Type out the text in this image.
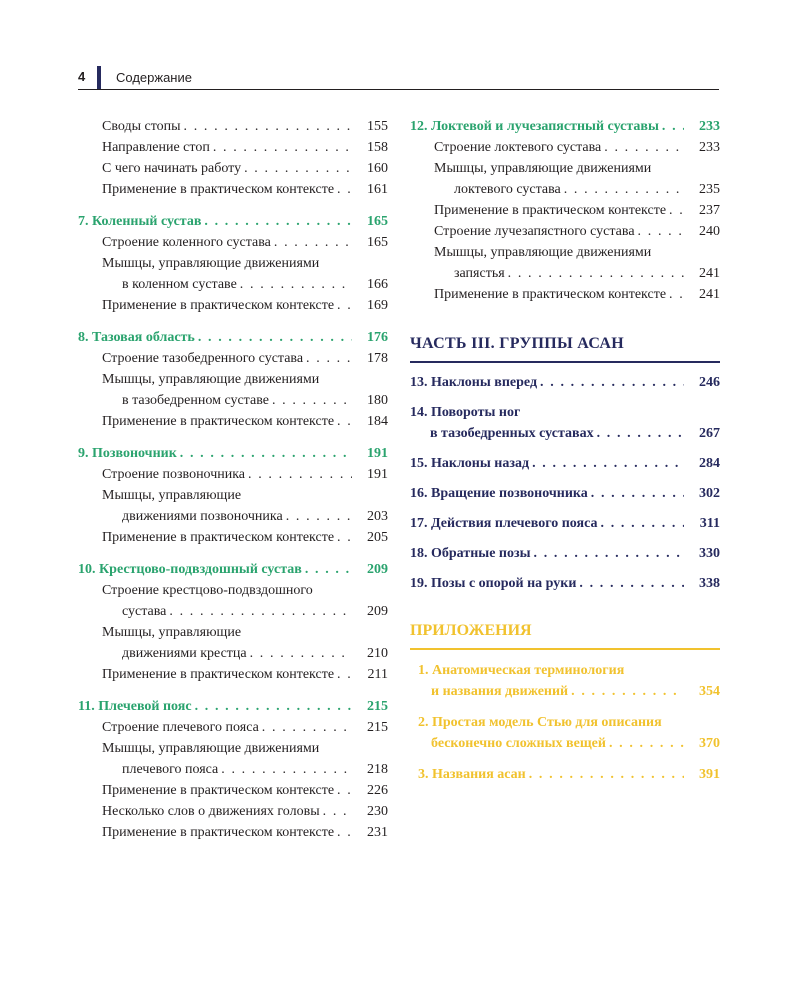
4	Содержание
Своды стопы . . .	155
Направление стоп . . .	158
С чего начинать работу . . .	160
Применение в практическом контексте . . .	161
7. Коленный сустав . . .	165
Строение коленного сустава . . .	165
Мышцы, управляющие движениями
в коленном суставе . . .	166
Применение в практическом контексте . . .	169
8. Тазовая область . . .	176
Строение тазобедренного сустава . . .	178
Мышцы, управляющие движениями
в тазобедренном суставе . . .	180
Применение в практическом контексте . . .	184
9. Позвоночник . . .	191
Строение позвоночника . . .	191
Мышцы, управляющие
движениями позвоночника . . .	203
Применение в практическом контексте . . .	205
10. Крестцово-подвздошный сустав . . .	209
Строение крестцово-подвздошного
сустава . . .	209
Мышцы, управляющие
движениями крестца . . .	210
Применение в практическом контексте . . .	211
11. Плечевой пояс . . .	215
Строение плечевого пояса . . .	215
Мышцы, управляющие движениями
плечевого пояса . . .	218
Применение в практическом контексте . . .	226
Несколько слов о движениях головы . . .	230
Применение в практическом контексте . . .	231
12. Локтевой и лучезапястный суставы . . .	233
Строение локтевого сустава . . .	233
Мышцы, управляющие движениями
локтевого сустава . . .	235
Применение в практическом контексте . . .	237
Строение лучезапястного сустава . . .	240
Мышцы, управляющие движениями
запястья . . .	241
Применение в практическом контексте . . .	241
ЧАСТЬ III. ГРУППЫ АСАН
13. Наклоны вперед . . .	246
14. Повороты ног
в тазобедренных суставах . . .	267
15. Наклоны назад . . .	284
16. Вращение позвоночника . . .	302
17. Действия плечевого пояса . . .	311
18. Обратные позы . . .	330
19. Позы с опорой на руки . . .	338
ПРИЛОЖЕНИЯ
1. Анатомическая терминология
и названия движений . . .	354
2. Простая модель Стью для описания
бесконечно сложных вещей . . .	370
3. Названия асан . . .	391
